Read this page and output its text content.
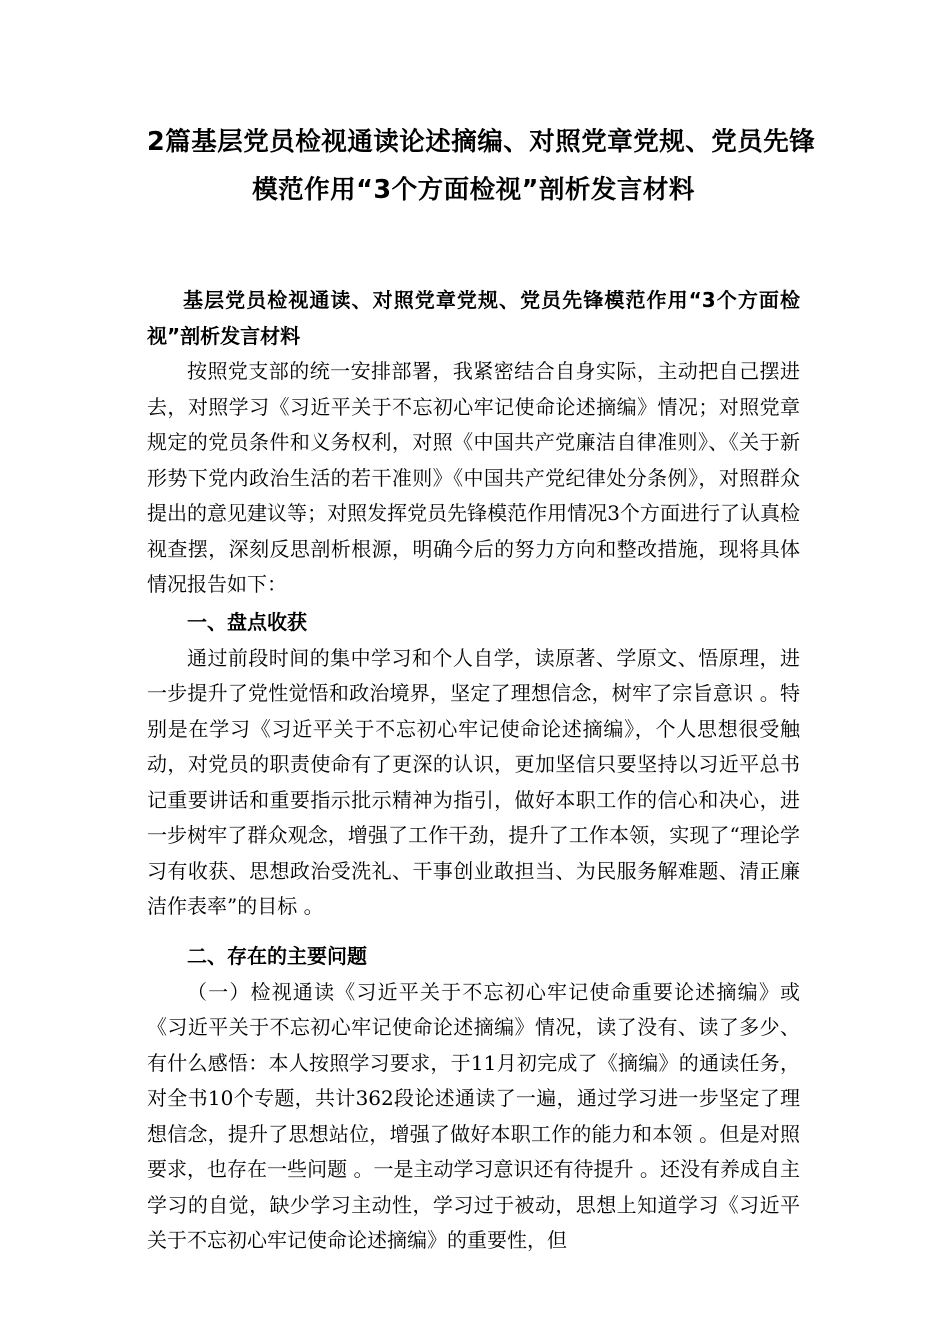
2篇基层党员检视通读论述摘编、对照党章党规、党员先锋
模范作用“3个方面检视”剖析发言材料

基层党员检视通读、对照党章党规、党员先锋模范作用“3个方面检视”剖析发言材料

按照党支部的统一安排部署，我紧密结合自身实际，主动把自己摆进去，对照学习《习近平关于不忘初心牢记使命论述摘编》情况；对照党章规定的党员条件和义务权利，对照《中国共产党廉洁自律准则》、《关于新形势下党内政治生活的若干准则》《中国共产党纪律处分条例》，对照群众提出的意见建议等；对照发挥党员先锋模范作用情况3个方面进行了认真检视查摆，深刻反思剖析根源，明确今后的努力方向和整改措施，现将具体情况报告如下：

一、盘点收获

通过前段时间的集中学习和个人自学，读原著、学原文、悟原理，进一步提升了党性觉悟和政治境界，坚定了理想信念，树牢了宗旨意识 。特别是在学习《习近平关于不忘初心牢记使命论述摘编》，个人思想很受触动，对党员的职责使命有了更深的认识，更加坚信只要坚持以习近平总书记重要讲话和重要指示批示精神为指引，做好本职工作的信心和决心，进一步树牢了群众观念，增强了工作干劲，提升了工作本领，实现了“理论学习有收获、思想政治受洗礼、干事创业敢担当、为民服务解难题、清正廉洁作表率”的目标 。

二、存在的主要问题

（一）检视通读《习近平关于不忘初心牢记使命重要论述摘编》或《习近平关于不忘初心牢记使命论述摘编》情况，读了没有、读了多少、有什么感悟：本人按照学习要求，于11月初完成了《摘编》的通读任务，对全书10个专题，共计362段论述通读了一遍，通过学习进一步坚定了理想信念，提升了思想站位，增强了做好本职工作的能力和本领 。但是对照要求，也存在一些问题 。一是主动学习意识还有待提升 。还没有养成自主学习的自觉，缺少学习主动性，学习过于被动，思想上知道学习《习近平关于不忘初心牢记使命论述摘编》的重要性，但
